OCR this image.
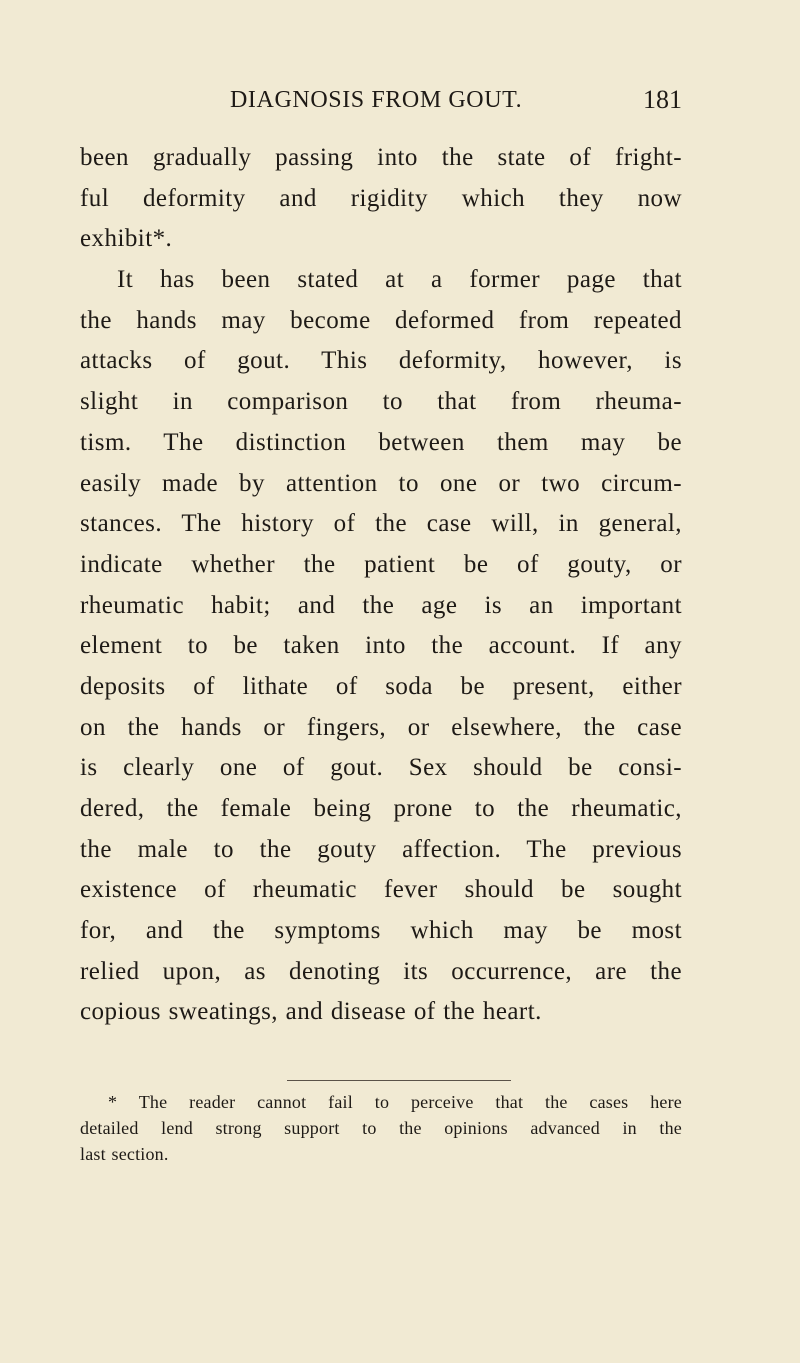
DIAGNOSIS FROM GOUT.	181
been gradually passing into the state of fright-
ful deformity and rigidity which they now
exhibit*.
It has been stated at a former page that
the hands may become deformed from repeated
attacks of gout. This deformity, however, is
slight in comparison to that from rheuma-
tism. The distinction between them may be
easily made by attention to one or two circum-
stances. The history of the case will, in general,
indicate whether the patient be of gouty, or
rheumatic habit; and the age is an important
element to be taken into the account. If any
deposits of lithate of soda be present, either
on the hands or fingers, or elsewhere, the case
is clearly one of gout. Sex should be consi-
dered, the female being prone to the rheumatic,
the male to the gouty affection. The previous
existence of rheumatic fever should be sought
for, and the symptoms which may be most
relied upon, as denoting its occurrence, are the
copious sweatings, and disease of the heart.
* The reader cannot fail to perceive that the cases here
detailed lend strong support to the opinions advanced in the
last section.
